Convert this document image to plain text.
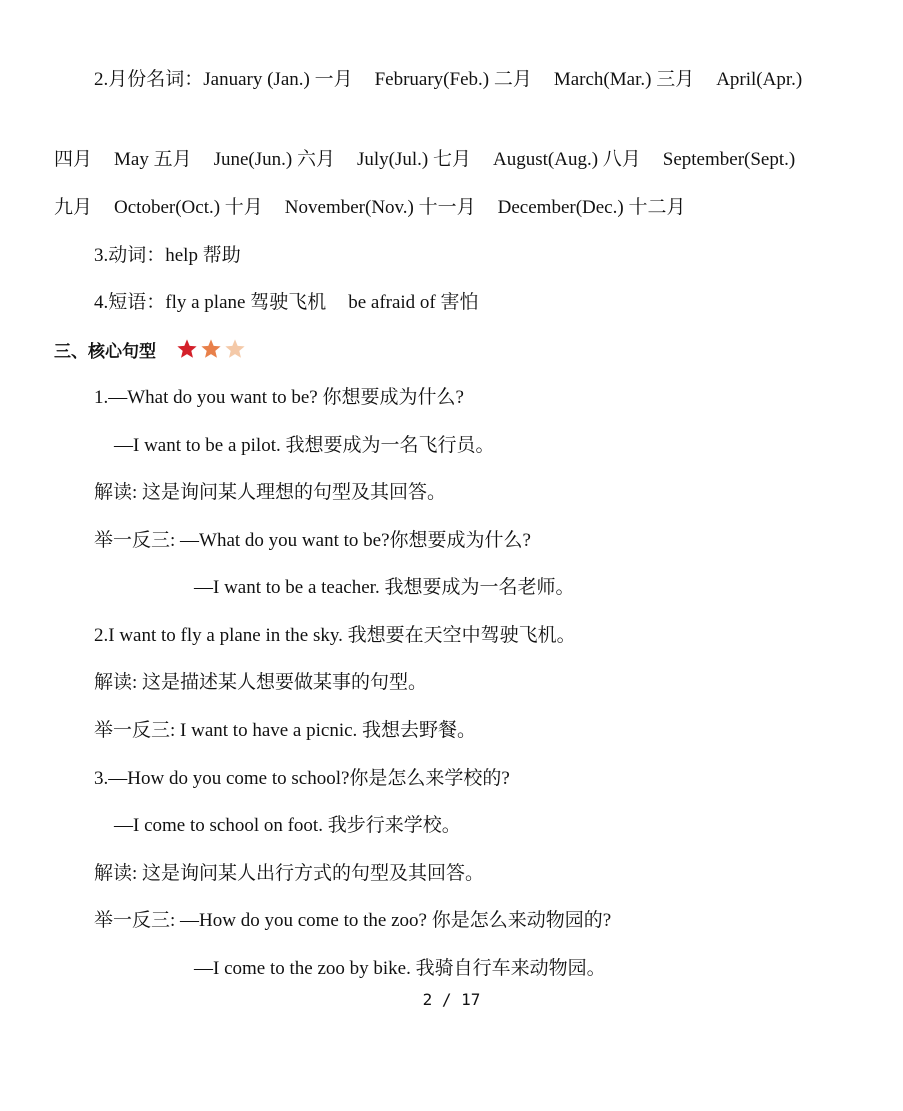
2.月份名词：January (Jan.) 一月 February(Feb.) 二月 March(Mar.) 三月 April(Apr.)
四月 May 五月 June(Jun.) 六月 July(Jul.) 七月 August(Aug.) 八月 September(Sept.)
九月 October(Oct.) 十月 November(Nov.) 十一月 December(Dec.) 十二月
3.动词：help 帮助
4.短语：fly a plane 驾驶飞机 be afraid of 害怕
三、核心句型
1.—What do you want to be? 你想要成为什么?
—I want to be a pilot. 我想要成为一名飞行员。
解读: 这是询问某人理想的句型及其回答。
举一反三: —What do you want to be?你想要成为什么?
—I want to be a teacher. 我想要成为一名老师。
2.I want to fly a plane in the sky. 我想要在天空中驾驶飞机。
解读: 这是描述某人想要做某事的句型。
举一反三: I want to have a picnic. 我想去野餐。
3.—How do you come to school?你是怎么来学校的?
—I come to school on foot. 我步行来学校。
解读: 这是询问某人出行方式的句型及其回答。
举一反三: —How do you come to the zoo? 你是怎么来动物园的?
—I come to the zoo by bike. 我骑自行车来动物园。
2 / 17
